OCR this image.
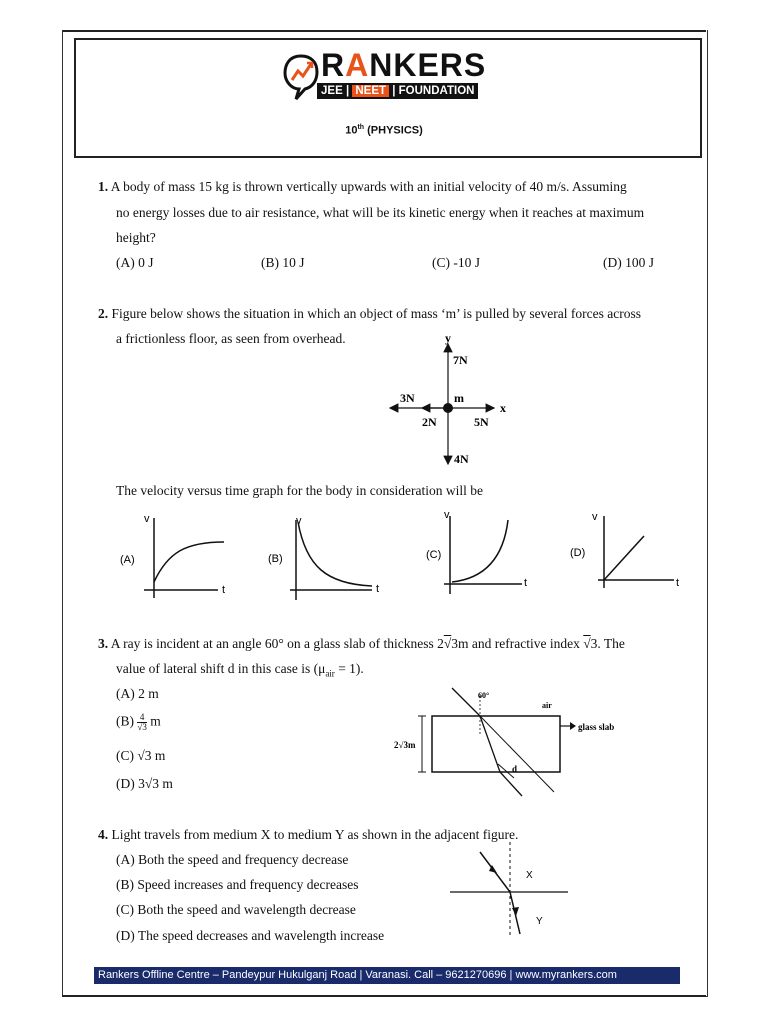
RANKERS
JEE | NEET | FOUNDATION
10th (PHYSICS)
1. A body of mass 15 kg is thrown vertically upwards with an initial velocity of 40 m/s. Assuming
no energy losses due to air resistance, what will be its kinetic energy when it reaches at maximum
height?
(A) 0 J	(B) 10 J	(C) -10 J	(D) 100 J
2. Figure below shows the situation in which an object of mass ‘m’ is pulled by several forces across
a frictionless floor, as seen from overhead.	y
7N
x
m
3N
2N	5N
4N
The velocity versus time graph for the body in consideration will be
v
(A)
t
v
(B)
t
v
(C)
t
v
(D)
t
3. A ray is incident at an angle 60° on a glass slab of thickness 2√3m and refractive index √3. The
value of lateral shift d in this case is $(\mu_{air} = 1)$.
(A) 2 m
$(B) \frac{4}{√3}$ m
(C) √3 m
(D) 3√3 m
2√3m
60°
air
glass slab
d
4. Light travels from medium X to medium Y as shown in the adjacent figure.
(A) Both the speed and frequency decrease
(B) Speed increases and frequency decreases
(C) Both the speed and wavelength decrease
(D) The speed decreases and wavelength increase
X
Y
Rankers Offline Centre – Pandeypur Hukulganj Road | Varanasi. Call – 9621270696 | www.myrankers.com
